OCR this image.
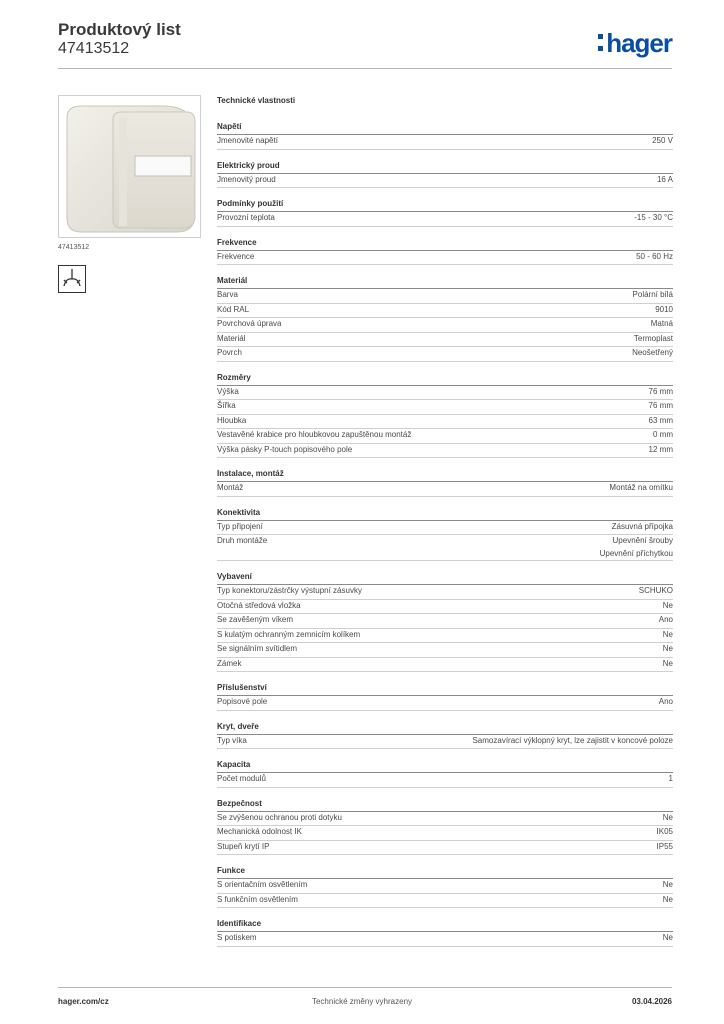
Produktový list
47413512	hager
47413512
Technické vlastnosti
Napětí
Jmenovité napětí	250 V
Elektrický proud
Jmenovitý proud	16 A
Podmínky použití
Provozní teplota	-15 - 30 °C
Frekvence
Frekvence	50 - 60 Hz
Materiál
Barva	Polární bílá
Kód RAL	9010
Povrchová úprava	Matná
Materiál	Termoplast
Povrch	Neošetřený
Rozměry
Výška	76 mm
Šířka	76 mm
Hloubka	63 mm
Vestavěné krabice pro hloubkovou zapuštěnou montáž	0 mm
Výška pásky P-touch popisového pole	12 mm
Instalace, montáž
Montáž	Montáž na omítku
Konektivita
Typ připojení	Zásuvná přípojka
Druh montáže	Upevnění šrouby
Upevnění příchytkou
Vybavení
Typ konektoru/zástrčky výstupní zásuvky	SCHUKO
Otočná středová vložka	Ne
Se zavěšeným víkem	Ano
S kulatým ochranným zemnicím kolíkem	Ne
Se signálním svítidlem	Ne
Zámek	Ne
Příslušenství
Popisové pole	Ano
Kryt, dveře
Typ víka	Samozavírací výklopný kryt, lze zajistit v koncové poloze
Kapacita
Počet modulů	1
Bezpečnost
Se zvýšenou ochranou proti dotyku	Ne
Mechanická odolnost IK	IK05
Stupeň krytí IP	IP55
Funkce
S orientačním osvětlením	Ne
S funkčním osvětlením	Ne
Identifikace
S potiskem	Ne
hager.com/cz	Technické změny vyhrazeny	03.04.2026
